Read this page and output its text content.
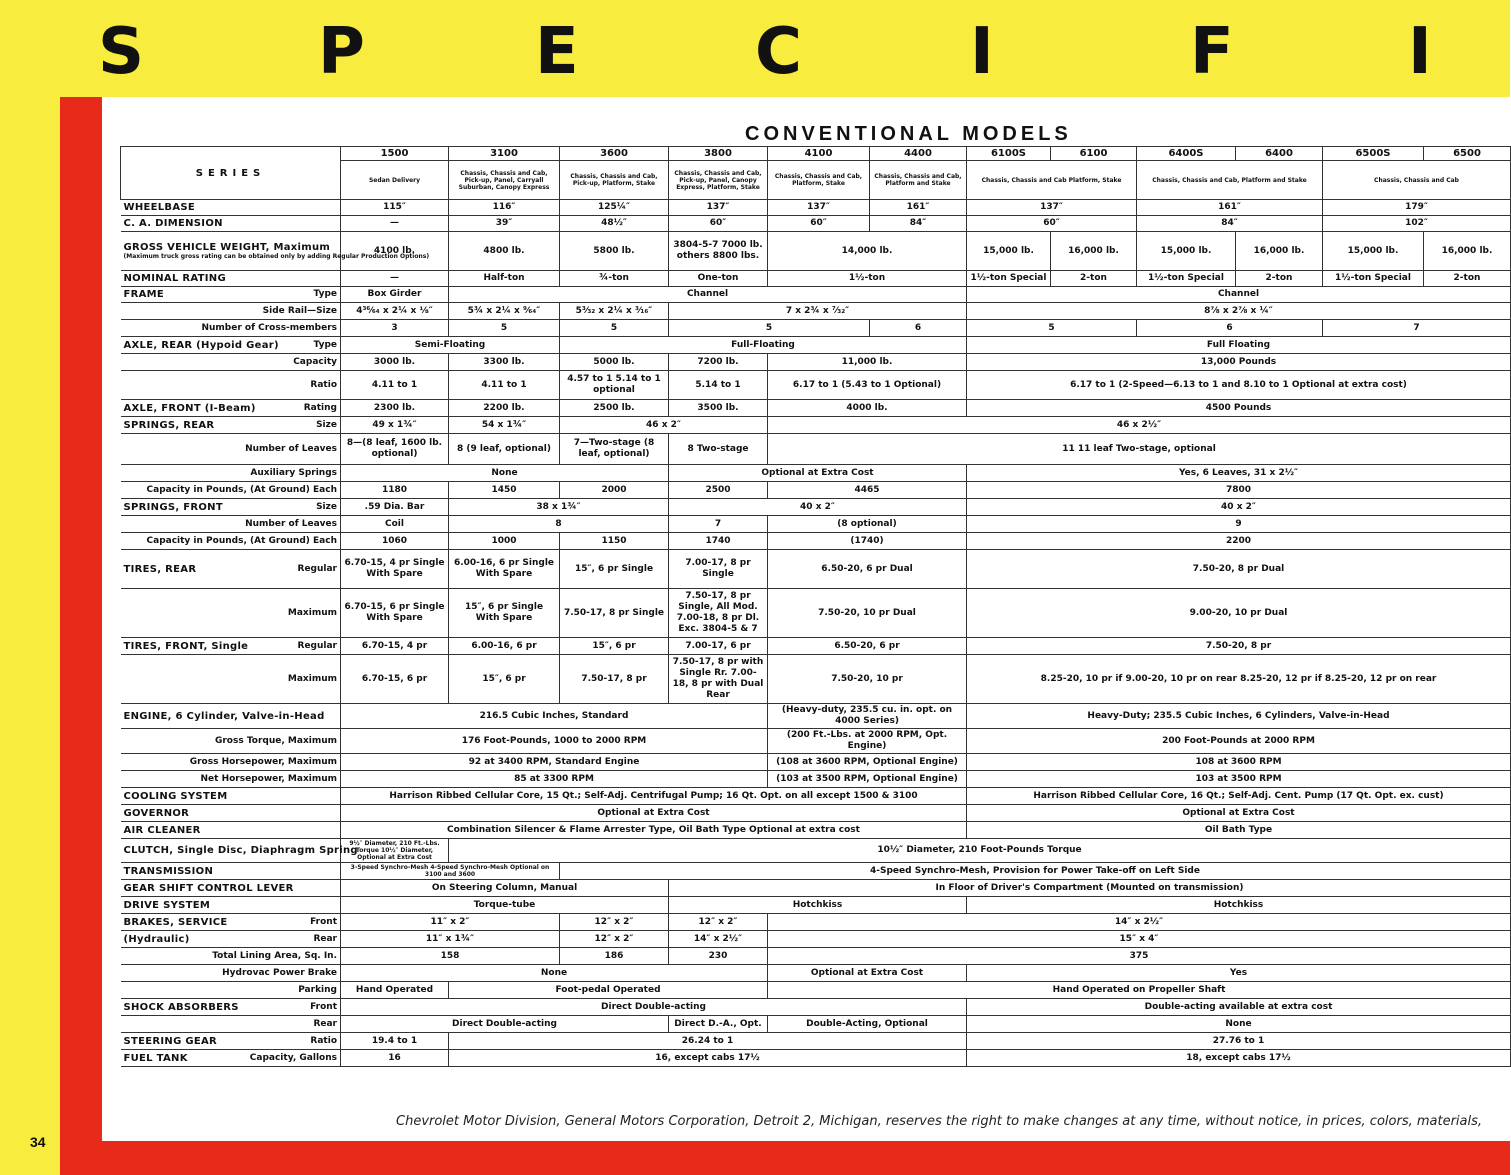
S	P	E	C	I	F	I
34
CONVENTIONAL MODELS
SERIES	1500	3100	3600	3800	4100	4400	6100S	6100	6400S	6400	6500S	6500
	Sedan Delivery	Chassis, Chassis and Cab, Pick-up, Panel, Carryall Suburban, Canopy Express	Chassis, Chassis and Cab, Pick-up, Platform, Stake	Chassis, Chassis and Cab, Pick-up, Panel, Canopy Express, Platform, Stake	Chassis, Chassis and Cab, Platform, Stake	Chassis, Chassis and Cab, Platform and Stake	Chassis, Chassis and Cab Platform, Stake		Chassis, Chassis and Cab, Platform and Stake		Chassis, Chassis and Cab	

WHEELBASE	115″	116″	125¼″	137″	137″	161″	137″		161″		179″	

C. A. DIMENSION	—	39″	48½″	60″	60″	84″	60″		84″		102″	

GROSS VEHICLE WEIGHT, Maximum
(Maximum truck gross rating can be obtained only by adding Regular Production Options)	4100 lb.	4800 lb.	5800 lb.	3804-5-7 7000 lb. others 8800 lbs.	14,000 lb.		15,000 lb.	16,000 lb.	15,000 lb.	16,000 lb.	15,000 lb.	16,000 lb.

NOMINAL RATING	—	Half-ton	¾-ton	One-ton	1½-ton		1½-ton Special	2-ton	1½-ton Special	2-ton	1½-ton Special	2-ton

FRAME Type	Box Girder	Channel					Channel					

Side Rail—Size	4³⁶⁄₆₄ x 2¼ x ⅛″	5¾ x 2¼ x ⁹⁄₆₄″	5³⁄₃₂ x 2¼ x ³⁄₁₆″	7 x 2¾ x ⁷⁄₃₂″			8⅞ x 2⅞ x ¼″					

Number of Cross-members	3	5	5	5		6	5		6		7	

AXLE, REAR (Hypoid Gear) Type	Semi-Floating		Full-Floating				Full Floating					

Capacity	3000 lb.	3300 lb.	5000 lb.	7200 lb.	11,000 lb.		13,000 Pounds					

Ratio	4.11 to 1	4.11 to 1	4.57 to 1 5.14 to 1 optional	5.14 to 1	6.17 to 1 (5.43 to 1 Optional)		6.17 to 1 (2-Speed—6.13 to 1 and 8.10 to 1 Optional at extra cost)					

AXLE, FRONT (I-Beam) Rating	2300 lb.	2200 lb.	2500 lb.	3500 lb.	4000 lb.		4500 Pounds					

SPRINGS, REAR Size	49 x 1¾″	54 x 1¾″	46 x 2″		46 x 2½″							

Number of Leaves	8—(8 leaf, 1600 lb. optional)	8 (9 leaf, optional)	7—Two-stage (8 leaf, optional)	8 Two-stage	11 11 leaf Two-stage, optional							

Auxiliary Springs	None			Optional at Extra Cost			Yes, 6 Leaves, 31 x 2½″					

Capacity in Pounds, (At Ground) Each	1180	1450	2000	2500	4465		7800					

SPRINGS, FRONT Size	.59 Dia. Bar	38 x 1¾″		40 x 2″			40 x 2″					

Number of Leaves	Coil	8		7	(8 optional)		9					

Capacity in Pounds, (At Ground) Each	1060	1000	1150	1740	(1740)		2200					

TIRES, REAR Regular	6.70-15, 4 pr Single With Spare	6.00-16, 6 pr Single With Spare	15″, 6 pr Single	7.00-17, 8 pr Single	6.50-20, 6 pr Dual		7.50-20, 8 pr Dual					

Maximum	6.70-15, 6 pr Single With Spare	15″, 6 pr Single With Spare	7.50-17, 8 pr Single	7.50-17, 8 pr Single, All Mod. 7.00-18, 8 pr Dl. Exc. 3804-5 & 7	7.50-20, 10 pr Dual		9.00-20, 10 pr Dual					

TIRES, FRONT, Single Regular	6.70-15, 4 pr	6.00-16, 6 pr	15″, 6 pr	7.00-17, 6 pr	6.50-20, 6 pr		7.50-20, 8 pr					

Maximum	6.70-15, 6 pr	15″, 6 pr	7.50-17, 8 pr	7.50-17, 8 pr with Single Rr. 7.00-18, 8 pr with Dual Rear	7.50-20, 10 pr		8.25-20, 10 pr if 9.00-20, 10 pr on rear 8.25-20, 12 pr if 8.25-20, 12 pr on rear					

ENGINE, 6 Cylinder, Valve-in-Head	216.5 Cubic Inches, Standard				(Heavy-duty, 235.5 cu. in. opt. on 4000 Series)		Heavy-Duty; 235.5 Cubic Inches, 6 Cylinders, Valve-in-Head					

Gross Torque, Maximum	176 Foot-Pounds, 1000 to 2000 RPM				(200 Ft.-Lbs. at 2000 RPM, Opt. Engine)		200 Foot-Pounds at 2000 RPM					

Gross Horsepower, Maximum	92 at 3400 RPM, Standard Engine				(108 at 3600 RPM, Optional Engine)		108 at 3600 RPM					

Net Horsepower, Maximum	85 at 3300 RPM				(103 at 3500 RPM, Optional Engine)		103 at 3500 RPM					

COOLING SYSTEM	Harrison Ribbed Cellular Core, 15 Qt.; Self-Adj. Centrifugal Pump; 16 Qt. Opt. on all except 1500 & 3100						Harrison Ribbed Cellular Core, 16 Qt.; Self-Adj. Cent. Pump (17 Qt. Opt. ex. cust)					

GOVERNOR	Optional at Extra Cost						Optional at Extra Cost					

AIR CLEANER	Combination Silencer & Flame Arrester Type, Oil Bath Type Optional at extra cost						Oil Bath Type					

CLUTCH, Single Disc, Diaphragm Spring	9½″ Diameter, 210 Ft.-Lbs. Torque 10½″ Diameter, Optional at Extra Cost	10½″ Diameter, 210 Foot-Pounds Torque										

TRANSMISSION	3-Speed Synchro-Mesh 4-Speed Synchro-Mesh Optional on 3100 and 3600		4-Speed Synchro-Mesh, Provision for Power Take-off on Left Side									

GEAR SHIFT CONTROL LEVER	On Steering Column, Manual			In Floor of Driver's Compartment (Mounted on transmission)								

DRIVE SYSTEM	Torque-tube			Hotchkiss			Hotchkiss					

BRAKES, SERVICE Front	11″ x 2″		12″ x 2″	12″ x 2″	14″ x 2½″							

(Hydraulic) Rear	11″ x 1¾″		12″ x 2″	14″ x 2½″	15″ x 4″							

Total Lining Area, Sq. In.	158		186	230	375							

Hydrovac Power Brake	None				Optional at Extra Cost		Yes					

Parking	Hand Operated	Foot-pedal Operated			Hand Operated on Propeller Shaft							

SHOCK ABSORBERS Front	Direct Double-acting						Double-acting available at extra cost					

Rear	Direct Double-acting			Direct D.-A., Opt.	Double-Acting, Optional		None					

STEERING GEAR Ratio	19.4 to 1	26.24 to 1					27.76 to 1					

FUEL TANK Capacity, Gallons	16	16, except cabs 17½					18, except cabs 17½					
Chevrolet Motor Division, General Motors Corporation, Detroit 2, Michigan, reserves the right to make changes at any time, without notice, in prices, colors, materials,
